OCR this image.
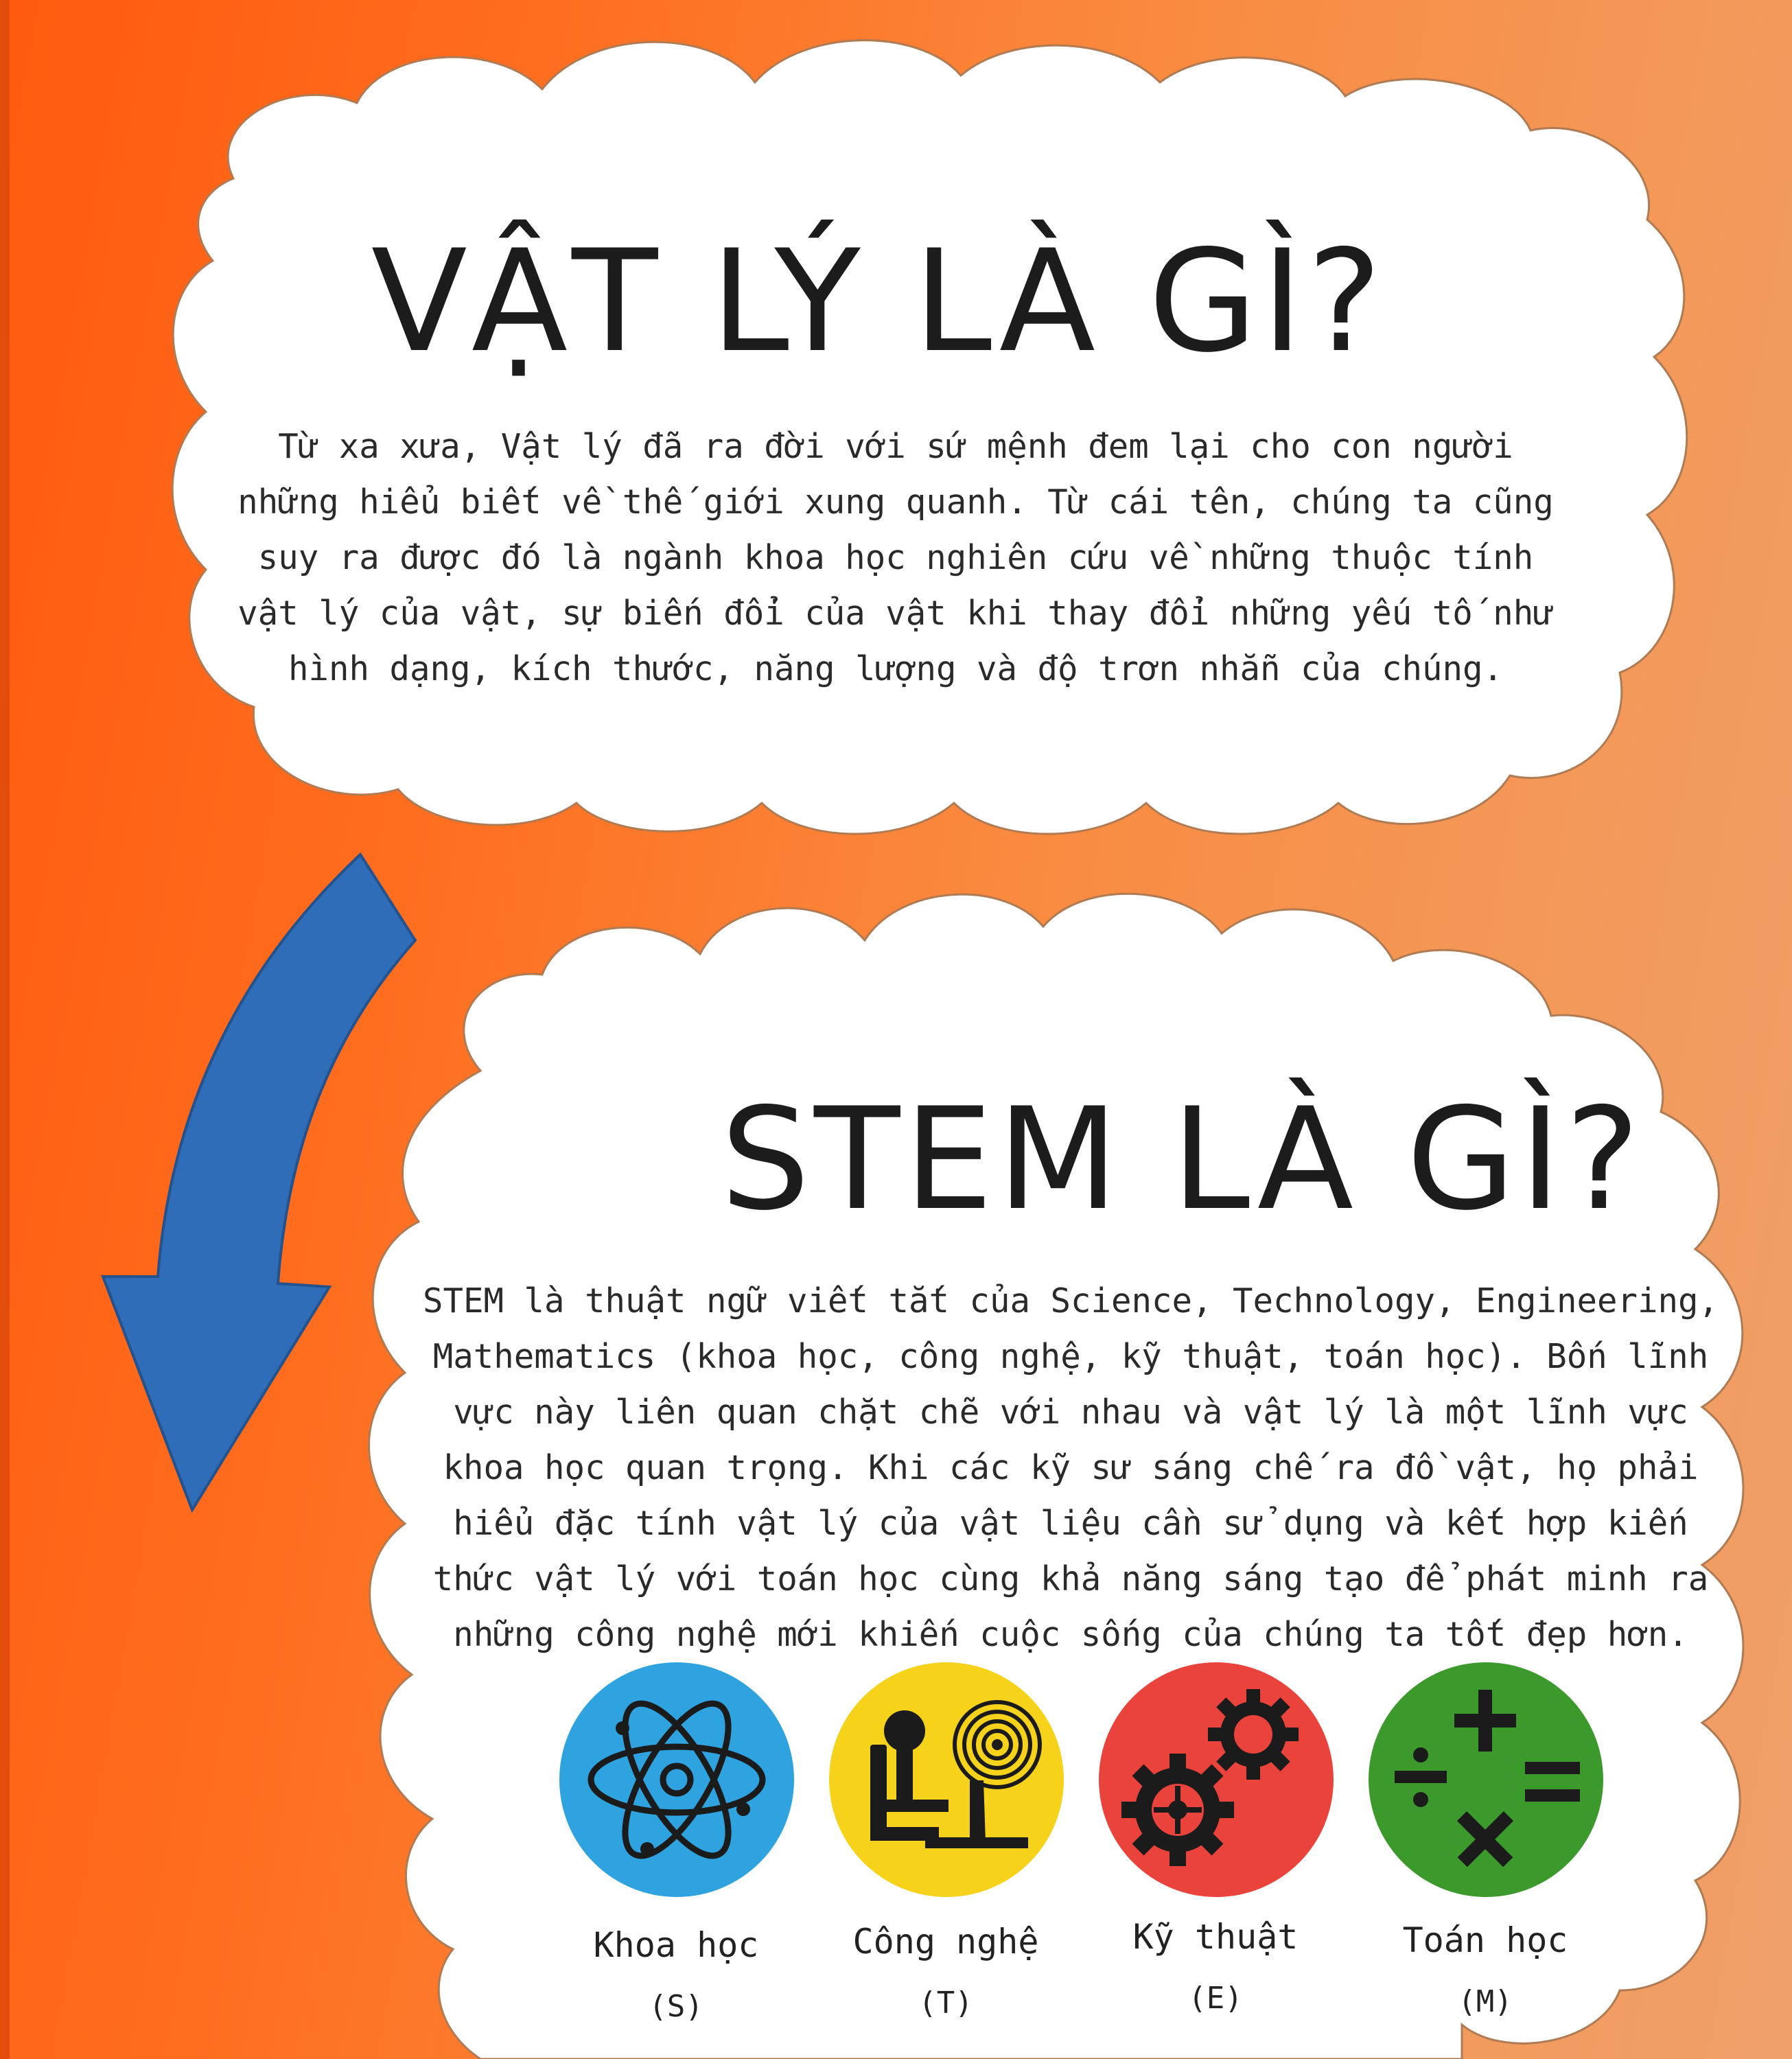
VẬT LÝ LÀ GÌ?

Từ xa xưa, Vật lý đã ra đời với sứ mệnh đem lại cho con người những hiểu biết về thế giới xung quanh. Từ cái tên, chúng ta cũng suy ra được đó là ngành khoa học nghiên cứu về những thuộc tính vật lý của vật, sự biến đổi của vật khi thay đổi những yếu tố như hình dạng, kích thước, năng lượng và độ trơn nhẵn của chúng.

STEM LÀ GÌ?

STEM là thuật ngữ viết tắt của Science, Technology, Engineering, Mathematics (khoa học, công nghệ, kỹ thuật, toán học). Bốn lĩnh vực này liên quan chặt chẽ với nhau và vật lý là một lĩnh vực khoa học quan trọng. Khi các kỹ sư sáng chế ra đồ vật, họ phải hiểu đặc tính vật lý của vật liệu cần sử dụng và kết hợp kiến thức vật lý với toán học cùng khả năng sáng tạo để phát minh ra những công nghệ mới khiến cuộc sống của chúng ta tốt đẹp hơn.

Khoa học
(S)
Công nghệ
(T)
Kỹ thuật
(E)
Toán học
(M)
